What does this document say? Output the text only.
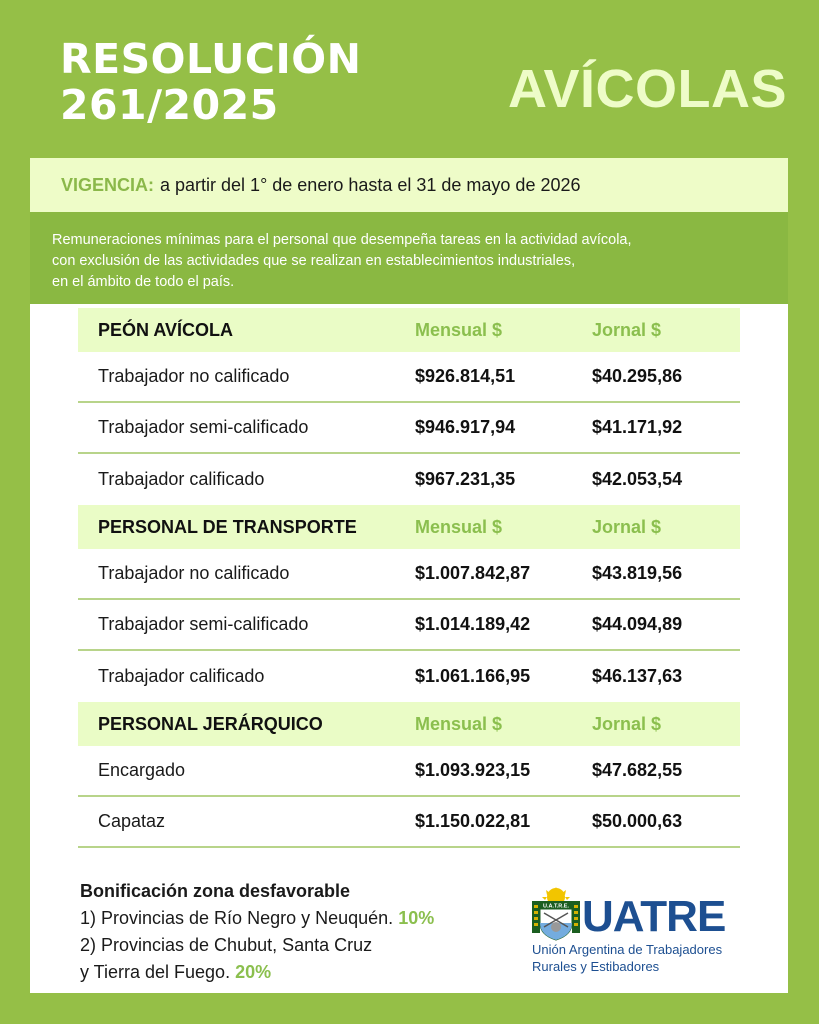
RESOLUCIÓN
261/2025	AVÍCOLAS
VIGENCIA: a partir del 1° de enero hasta el 31 de mayo de 2026
Remuneraciones mínimas para el personal que desempeña tareas en la actividad avícola,
con exclusión de las actividades que se realizan en establecimientos industriales,
en el ámbito de todo el país.
PEÓN AVÍCOLA	Mensual $	Jornal $
Trabajador no calificado	$926.814,51	$40.295,86
Trabajador semi-calificado	$946.917,94	$41.171,92
Trabajador calificado	$967.231,35	$42.053,54
PERSONAL DE TRANSPORTE	Mensual $	Jornal $
Trabajador no calificado	$1.007.842,87	$43.819,56
Trabajador semi-calificado	$1.014.189,42	$44.094,89
Trabajador calificado	$1.061.166,95	$46.137,63
PERSONAL JERÁRQUICO	Mensual $	Jornal $
Encargado	$1.093.923,15	$47.682,55
Capataz	$1.150.022,81	$50.000,63
Bonificación zona desfavorable
1) Provincias de Río Negro y Neuquén. 10%
2) Provincias de Chubut, Santa Cruz
y Tierra del Fuego. 20%
U.A.T.R.E. UATRE
Unión Argentina de Trabajadores
Rurales y Estibadores
